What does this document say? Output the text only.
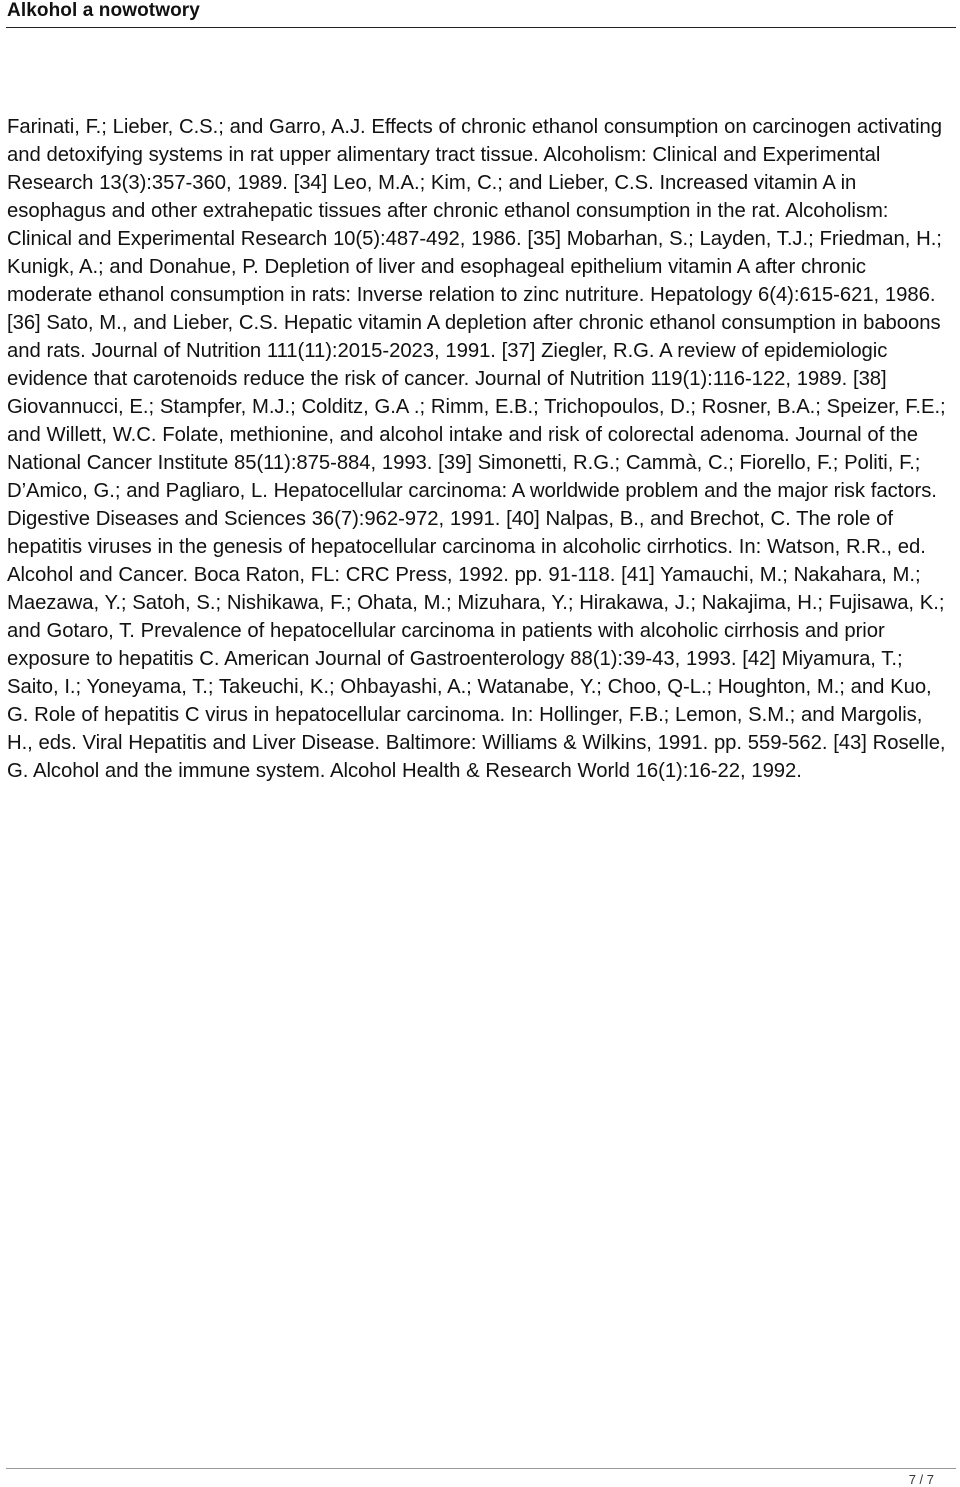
Alkohol a nowotwory

Farinati, F.; Lieber, C.S.; and Garro, A.J. Effects of chronic ethanol consumption on carcinogen activating and detoxifying systems in rat upper alimentary tract tissue. Alcoholism: Clinical and Experimental Research 13(3):357-360, 1989. [34] Leo, M.A.; Kim, C.; and Lieber, C.S. Increased vitamin A in esophagus and other extrahepatic tissues after chronic ethanol consumption in the rat. Alcoholism: Clinical and Experimental Research 10(5):487-492, 1986. [35] Mobarhan, S.; Layden, T.J.; Friedman, H.; Kunigk, A.; and Donahue, P. Depletion of liver and esophageal epithelium vitamin A after chronic moderate ethanol consumption in rats: Inverse relation to zinc nutriture. Hepatology 6(4):615-621, 1986. [36] Sato, M., and Lieber, C.S. Hepatic vitamin A depletion after chronic ethanol consumption in baboons and rats. Journal of Nutrition 111(11):2015-2023, 1991. [37] Ziegler, R.G. A review of epidemiologic evidence that carotenoids reduce the risk of cancer. Journal of Nutrition 119(1):116-122, 1989. [38] Giovannucci, E.; Stampfer, M.J.; Colditz, G.A .; Rimm, E.B.; Trichopoulos, D.; Rosner, B.A.; Speizer, F.E.; and Willett, W.C. Folate, methionine, and alcohol intake and risk of colorectal adenoma. Journal of the National Cancer Institute 85(11):875-884, 1993. [39] Simonetti, R.G.; Cammà, C.; Fiorello, F.; Politi, F.; D’Amico, G.; and Pagliaro, L. Hepatocellular carcinoma: A worldwide problem and the major risk factors. Digestive Diseases and Sciences 36(7):962-972, 1991. [40] Nalpas, B., and Brechot, C. The role of hepatitis viruses in the genesis of hepatocellular carcinoma in alcoholic cirrhotics. In: Watson, R.R., ed. Alcohol and Cancer. Boca Raton, FL: CRC Press, 1992. pp. 91-118. [41] Yamauchi, M.; Nakahara, M.; Maezawa, Y.; Satoh, S.; Nishikawa, F.; Ohata, M.; Mizuhara, Y.; Hirakawa, J.; Nakajima, H.; Fujisawa, K.; and Gotaro, T. Prevalence of hepatocellular carcinoma in patients with alcoholic cirrhosis and prior exposure to hepatitis C. American Journal of Gastroenterology 88(1):39-43, 1993. [42] Miyamura, T.; Saito, I.; Yoneyama, T.; Takeuchi, K.; Ohbayashi, A.; Watanabe, Y.; Choo, Q-L.; Houghton, M.; and Kuo, G. Role of hepatitis C virus in hepatocellular carcinoma. In: Hollinger, F.B.; Lemon, S.M.; and Margolis, H., eds. Viral Hepatitis and Liver Disease. Baltimore: Williams & Wilkins, 1991. pp. 559-562. [43] Roselle, G. Alcohol and the immune system. Alcohol Health & Research World 16(1):16-22, 1992.

7 / 7
